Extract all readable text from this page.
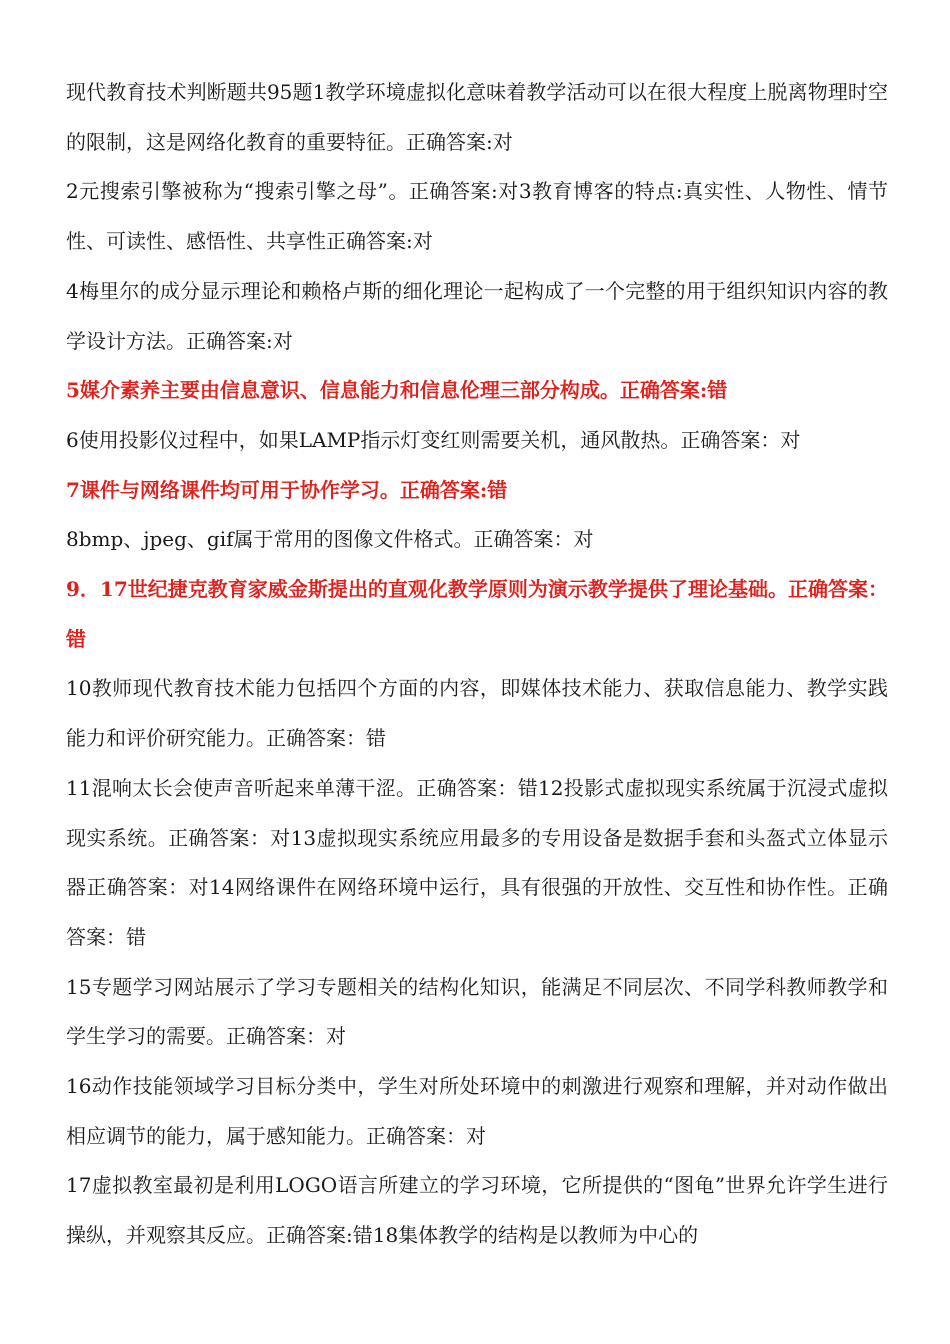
现代教育技术判断题共95题1教学环境虚拟化意味着教学活动可以在很大程度上脱离物理时空的限制，这是网络化教育的重要特征。正确答案:对

2元搜索引擎被称为“搜索引擎之母”。正确答案:对3教育博客的特点:真实性、人物性、情节性、可读性、感悟性、共享性正确答案:对

4梅里尔的成分显示理论和赖格卢斯的细化理论一起构成了一个完整的用于组织知识内容的教学设计方法。正确答案:对

5媒介素养主要由信息意识、信息能力和信息伦理三部分构成。正确答案:错

6使用投影仪过程中，如果LAMP指示灯变红则需要关机，通风散热。正确答案：对

7课件与网络课件均可用于协作学习。正确答案:错

8bmp、jpeg、gif属于常用的图像文件格式。正确答案：对

9．17世纪捷克教育家威金斯提出的直观化教学原则为演示教学提供了理论基础。正确答案：错

10教师现代教育技术能力包括四个方面的内容，即媒体技术能力、获取信息能力、教学实践能力和评价研究能力。正确答案：错

11混响太长会使声音听起来单薄干涩。正确答案：错12投影式虚拟现实系统属于沉浸式虚拟现实系统。正确答案：对13虚拟现实系统应用最多的专用设备是数据手套和头盔式立体显示器正确答案：对14网络课件在网络环境中运行，具有很强的开放性、交互性和协作性。正确答案：错

15专题学习网站展示了学习专题相关的结构化知识，能满足不同层次、不同学科教师教学和学生学习的需要。正确答案：对

16动作技能领域学习目标分类中，学生对所处环境中的刺激进行观察和理解，并对动作做出相应调节的能力，属于感知能力。正确答案：对

17虚拟教室最初是利用LOGO语言所建立的学习环境，它所提供的“图龟”世界允许学生进行操纵，并观察其反应。正确答案:错18集体教学的结构是以教师为中心的
